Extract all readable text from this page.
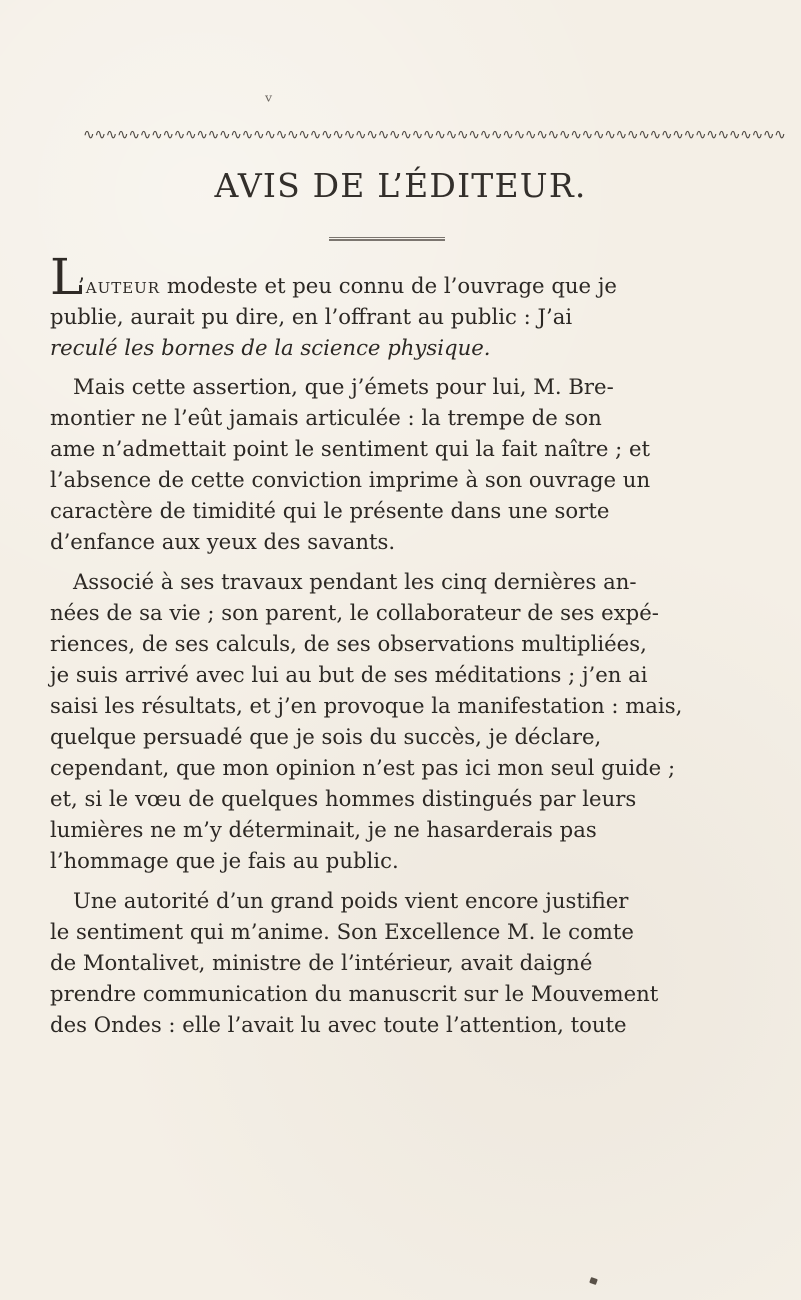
ᵛ
∿∿∿∿∿∿∿∿∿∿∿∿∿∿∿∿∿∿∿∿∿∿∿∿∿∿∿∿∿∿∿∿∿∿∿∿∿∿∿∿∿∿∿∿∿∿∿∿∿∿∿∿∿∿∿∿∿∿∿∿∿∿
AVIS DE L’ÉDITEUR.
L
’auteur modeste et peu connu de l’ouvrage que je
publie, aurait pu dire, en l’offrant au public : J’ai
reculé les bornes de la science physique.
Mais cette assertion, que j’émets pour lui, M. Bre-
montier ne l’eût jamais articulée : la trempe de son
ame n’admettait point le sentiment qui la fait naître ; et
l’absence de cette conviction imprime à son ouvrage un
caractère de timidité qui le présente dans une sorte
d’enfance aux yeux des savants.
Associé à ses travaux pendant les cinq dernières an-
nées de sa vie ; son parent, le collaborateur de ses expé-
riences, de ses calculs, de ses observations multipliées,
je suis arrivé avec lui au but de ses méditations ; j’en ai
saisi les résultats, et j’en provoque la manifestation : mais,
quelque persuadé que je sois du succès, je déclare,
cependant, que mon opinion n’est pas ici mon seul guide ;
et, si le vœu de quelques hommes distingués par leurs
lumières ne m’y déterminait, je ne hasarderais pas
l’hommage que je fais au public.
Une autorité d’un grand poids vient encore justifier
le sentiment qui m’anime. Son Excellence M. le comte
de Montalivet, ministre de l’intérieur, avait daigné
prendre communication du manuscrit sur le Mouvement
des Ondes : elle l’avait lu avec toute l’attention, toute
